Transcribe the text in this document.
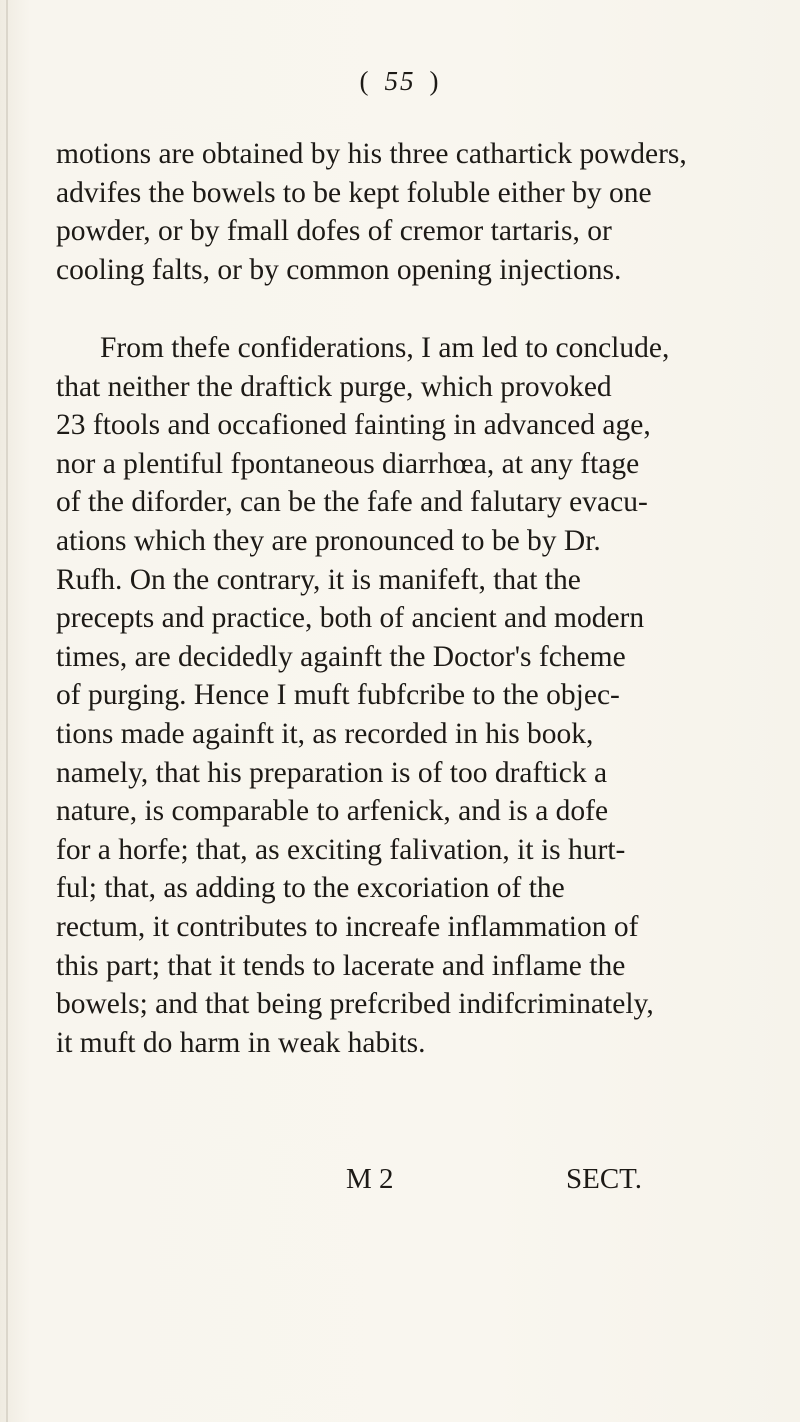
( 55 )
motions are obtained by his three cathartick powders,
advifes the bowels to be kept foluble either by one
powder, or by fmall dofes of cremor tartaris, or
cooling falts, or by common opening injections.
From thefe confiderations, I am led to conclude,
that neither the draftick purge, which provoked
23 ftools and occafioned fainting in advanced age,
nor a plentiful fpontaneous diarrhœa, at any ftage
of the diforder, can be the fafe and falutary evacu-
ations which they are pronounced to be by Dr.
Rufh. On the contrary, it is manifeft, that the
precepts and practice, both of ancient and modern
times, are decidedly againft the Doctor's fcheme
of purging. Hence I muft fubfcribe to the objec-
tions made againft it, as recorded in his book,
namely, that his preparation is of too draftick a
nature, is comparable to arfenick, and is a dofe
for a horfe; that, as exciting falivation, it is hurt-
ful; that, as adding to the excoriation of the
rectum, it contributes to increafe inflammation of
this part; that it tends to lacerate and inflame the
bowels; and that being prefcribed indifcriminately,
it muft do harm in weak habits.
M 2	SECT.
